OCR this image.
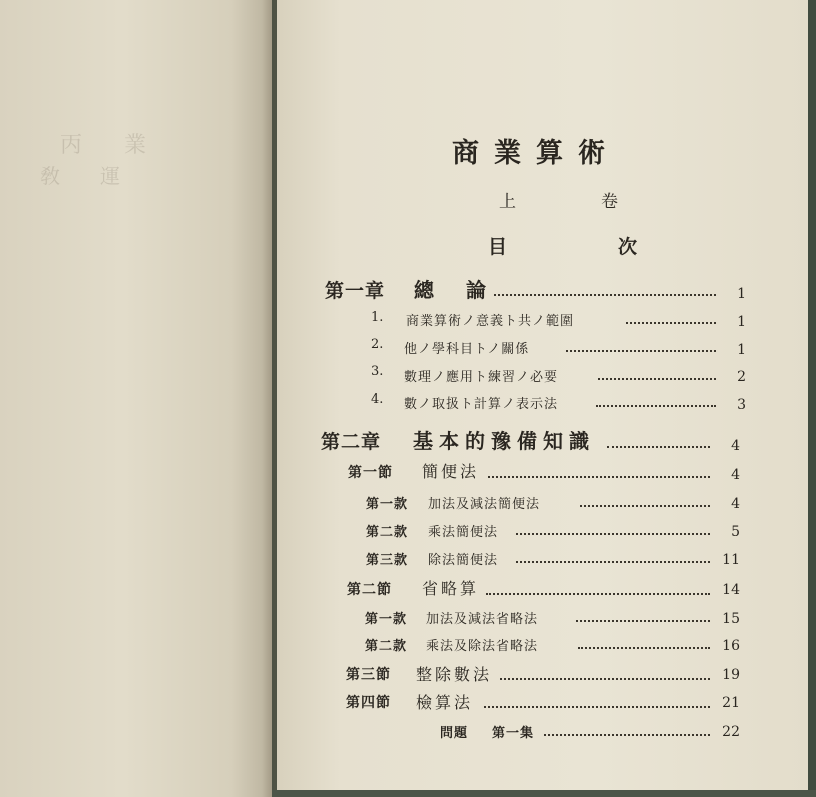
丙　業
敎　運
商業算術
上　卷
目　次
第一章 總　論	1
1. 商業算術ノ意義ト共ノ範圍	1
2. 他ノ學科目トノ關係	1
3. 數理ノ應用ト練習ノ必要	2
4. 數ノ取扱ト計算ノ表示法	3
第二章 基本的豫備知識	4
第一節 簡便法	4
第一款 加法及減法簡便法	4
第二款 乘法簡便法	5
第三款 除法簡便法	11
第二節 省略算	14
第一款 加法及減法省略法	15
第二款 乘法及除法省略法	16
第三節 整除數法	19
第四節 檢算法	21
問題 第一集	22
